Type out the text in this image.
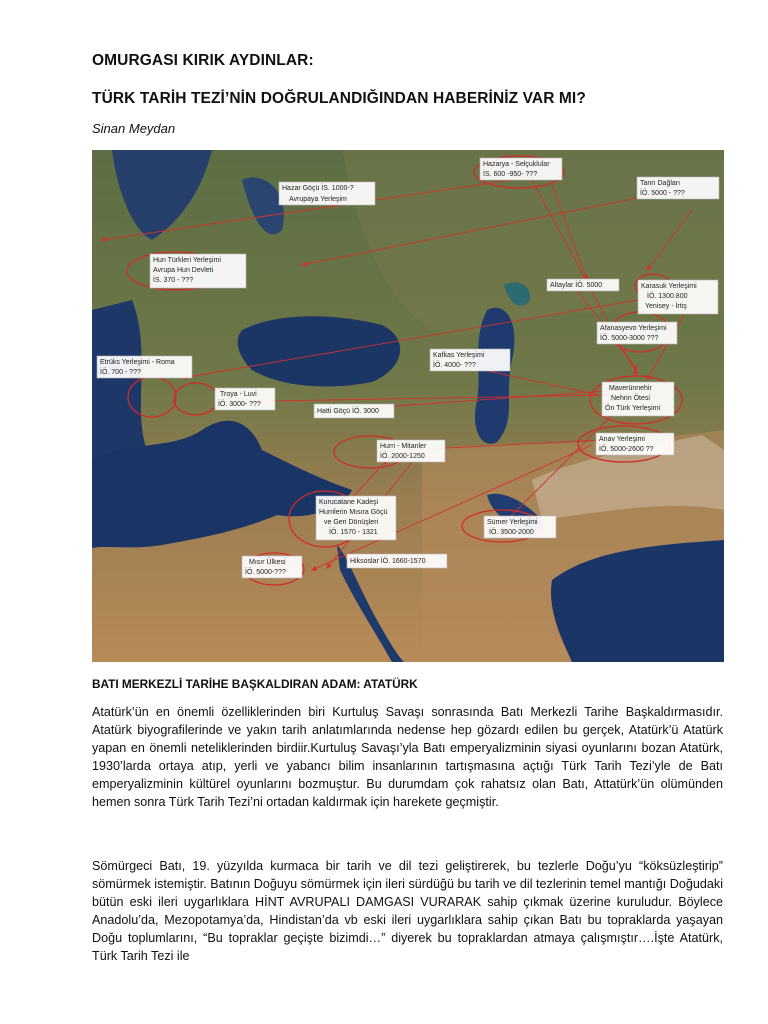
OMURGASI KIRIK AYDINLAR:
TÜRK TARİH TEZİ’NİN DOĞRULANDIĞINDAN HABERİNİZ VAR MI?
Sinan Meydan
Hazarya - Selçuklular
İS. 600 -950- ???
Tanrı Dağları
İÖ. 5000 - ???
Hazar Göçü İS. 1000-?
Avrupaya Yerleşim
Hun Türkleri Yerleşimi
Avrupa Hun Devleti
İS. 370 - ???
Altaylar İÖ. 5000	Karasuk Yerleşimi
İÖ. 1300.800
Yenisey - İrtiş
Afanasyevo Yerleşimi
İÖ. 5000-3000 ???
Etrüks Yerleşimi - Roma
İÖ. 700 - ???
Kafkas Yerleşimi
İÖ. 4000- ???
Maverünnehir
Nehrin Ötesi
Ön Türk Yerleşimi
Troya - Luvi
İÖ. 3000- ???
Hatti Göçü İÖ. 3000
Anav Yerleşimi
İÖ. 5000-2600 ??
Hurri - Mitanler
İÖ. 2000-1250
Kurucatane Kadeşi
Hurrilerin Mısıra Göçü
ve Geri Dönüşleri
İÖ. 1570 - 1321
Sümer Yerleşimi
İÖ. 3500-2000
Mısır Ülkesi
İÖ. 5000-???
Hiksoslar İÖ. 1660-1570
BATI MERKEZLİ TARİHE BAŞKALDIRAN ADAM: ATATÜRK
Atatürk’ün en önemli özelliklerinden biri Kurtuluş Savaşı sonrasında Batı Merkezli Tarihe Başkaldırmasıdır. Atatürk biyografilerinde ve yakın tarih anlatımlarında nedense hep gözardı edilen bu gerçek, Atatürk’ü Atatürk yapan en önemli neteliklerinden birdiir.Kurtuluş Savaşı’yla Batı emperyalizminin siyasi oyunlarını bozan Atatürk, 1930’larda ortaya atıp, yerli ve yabancı bilim insanlarının tartışmasına açtığı Türk Tarih Tezi’yle de Batı emperyalizminin kültürel oyunlarını bozmuştur. Bu durumdam çok rahatsız olan Batı, Attatürk’ün olümünden hemen sonra Türk Tarih Tezi’ni ortadan kaldırmak için harekete geçmiştir.
Sömürgeci Batı, 19. yüzyılda kurmaca bir tarih ve dil tezi geliştirerek, bu tezlerle Doğu’yu “köksüzleştirip” sömürmek istemiştir. Batının Doğuyu sömürmek için ileri sürdüğü bu tarih ve dil tezlerinin temel mantığı Doğudaki bütün eski ileri uygarlıklara HİNT AVRUPALI DAMGASI VURARAK sahip çıkmak üzerine kuruludur. Böylece Anadolu’da, Mezopotamya’da, Hindistan’da vb eski ileri uygarlıklara sahip çıkan Batı bu topraklarda yaşayan Doğu toplumlarını, “Bu topraklar geçişte bizimdi…” diyerek bu topraklardan atmaya çalışmıştır….İşte Atatürk, Türk Tarih Tezi ile
